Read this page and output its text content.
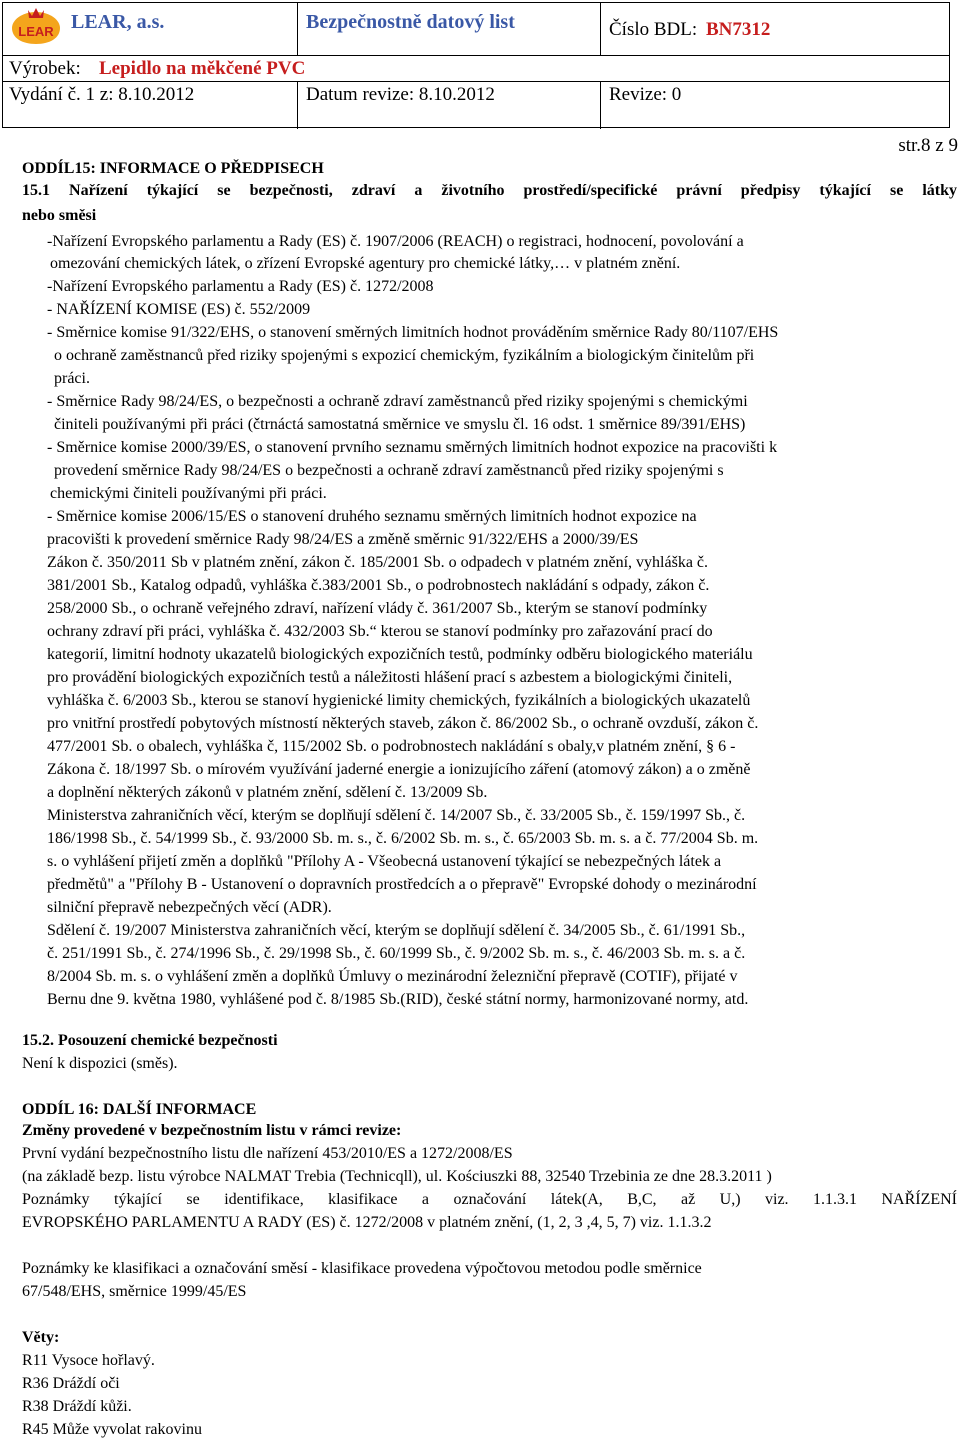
LEAR LEAR, a.s.	Bezpečnostně datový list	Číslo BDL: BN7312
Výrobek: Lepidlo na měkčené PVC
Vydání č. 1 z: 8.10.2012	Datum revize: 8.10.2012	Revize: 0
str.8 z 9
ODDÍL15: INFORMACE O PŘEDPISECH
15.1 Nařízení týkající se bezpečnosti, zdraví a životního prostředí/specifické právní předpisy týkající se látky
nebo směsi
-Nařízení Evropského parlamentu a Rady (ES) č. 1907/2006 (REACH) o registraci, hodnocení, povolování a
omezování chemických látek, o zřízení Evropské agentury pro chemické látky,… v platném znění.
-Nařízení Evropského parlamentu a Rady (ES) č. 1272/2008
- NAŘÍZENÍ KOMISE (ES) č. 552/2009
- Směrnice komise 91/322/EHS, o stanovení směrných limitních hodnot prováděním směrnice Rady 80/1107/EHS
o ochraně zaměstnanců před riziky spojenými s expozicí chemickým, fyzikálním a biologickým činitelům při
práci.
- Směrnice Rady 98/24/ES, o bezpečnosti a ochraně zdraví zaměstnanců před riziky spojenými s chemickými
činiteli používanými při práci (čtrnáctá samostatná směrnice ve smyslu čl. 16 odst. 1 směrnice 89/391/EHS)
- Směrnice komise 2000/39/ES, o stanovení prvního seznamu směrných limitních hodnot expozice na pracovišti k
provedení směrnice Rady 98/24/ES o bezpečnosti a ochraně zdraví zaměstnanců před riziky spojenými s
chemickými činiteli používanými při práci.
- Směrnice komise 2006/15/ES o stanovení druhého seznamu směrných limitních hodnot expozice na
pracovišti k provedení směrnice Rady 98/24/ES a změně směrnic 91/322/EHS a 2000/39/ES
Zákon č. 350/2011 Sb v platném znění, zákon č. 185/2001 Sb. o odpadech v platném znění, vyhláška č.
381/2001 Sb., Katalog odpadů, vyhláška č.383/2001 Sb., o podrobnostech nakládání s odpady, zákon č.
258/2000 Sb., o ochraně veřejného zdraví, nařízení vlády č. 361/2007 Sb., kterým se stanoví podmínky
ochrany zdraví při práci, vyhláška č. 432/2003 Sb.“ kterou se stanoví podmínky pro zařazování prací do
kategorií, limitní hodnoty ukazatelů biologických expozičních testů, podmínky odběru biologického materiálu
pro provádění biologických expozičních testů a náležitosti hlášení prací s azbestem a biologickými činiteli,
vyhláška č. 6/2003 Sb., kterou se stanoví hygienické limity chemických, fyzikálních a biologických ukazatelů
pro vnitřní prostředí pobytových místností některých staveb, zákon č. 86/2002 Sb., o ochraně ovzduší, zákon č.
477/2001 Sb. o obalech, vyhláška č, 115/2002 Sb. o podrobnostech nakládání s obaly,v platném znění, § 6 -
Zákona č. 18/1997 Sb. o mírovém využívání jaderné energie a ionizujícího záření (atomový zákon) a o změně
a doplnění některých zákonů v platném znění, sdělení č. 13/2009 Sb.
Ministerstva zahraničních věcí, kterým se doplňují sdělení č. 14/2007 Sb., č. 33/2005 Sb., č. 159/1997 Sb., č.
186/1998 Sb., č. 54/1999 Sb., č. 93/2000 Sb. m. s., č. 6/2002 Sb. m. s., č. 65/2003 Sb. m. s. a č. 77/2004 Sb. m.
s. o vyhlášení přijetí změn a doplňků "Přílohy A - Všeobecná ustanovení týkající se nebezpečných látek a
předmětů" a "Přílohy B - Ustanovení o dopravních prostředcích a o přepravě" Evropské dohody o mezinárodní
silniční přepravě nebezpečných věcí (ADR).
Sdělení č. 19/2007 Ministerstva zahraničních věcí, kterým se doplňují sdělení č. 34/2005 Sb., č. 61/1991 Sb.,
č. 251/1991 Sb., č. 274/1996 Sb., č. 29/1998 Sb., č. 60/1999 Sb., č. 9/2002 Sb. m. s., č. 46/2003 Sb. m. s. a č.
8/2004 Sb. m. s. o vyhlášení změn a doplňků Úmluvy o mezinárodní železniční přepravě (COTIF), přijaté v
Bernu dne 9. května 1980, vyhlášené pod č. 8/1985 Sb.(RID), české státní normy, harmonizované normy, atd.
15.2. Posouzení chemické bezpečnosti
Není k dispozici (směs).
ODDÍL 16: DALŠÍ INFORMACE
Změny provedené v bezpečnostním listu v rámci revize:
První vydání bezpečnostního listu dle nařízení 453/2010/ES a 1272/2008/ES
(na základě bezp. listu výrobce NALMAT Trebia (Technicqll), ul. Kościuszki 88, 32540 Trzebinia ze dne 28.3.2011 )
Poznámky týkající se identifikace, klasifikace a označování látek(A, B,C, až U,) viz. 1.1.3.1 NAŘÍZENÍ
EVROPSKÉHO PARLAMENTU A RADY (ES) č. 1272/2008 v platném znění, (1, 2, 3 ,4, 5, 7) viz. 1.1.3.2
Poznámky ke klasifikaci a označování směsí - klasifikace provedena výpočtovou metodou podle směrnice
67/548/EHS, směrnice 1999/45/ES
Věty:
R11 Vysoce hořlavý.
R36 Dráždí oči
R38 Dráždí kůži.
R45 Může vyvolat rakovinu
